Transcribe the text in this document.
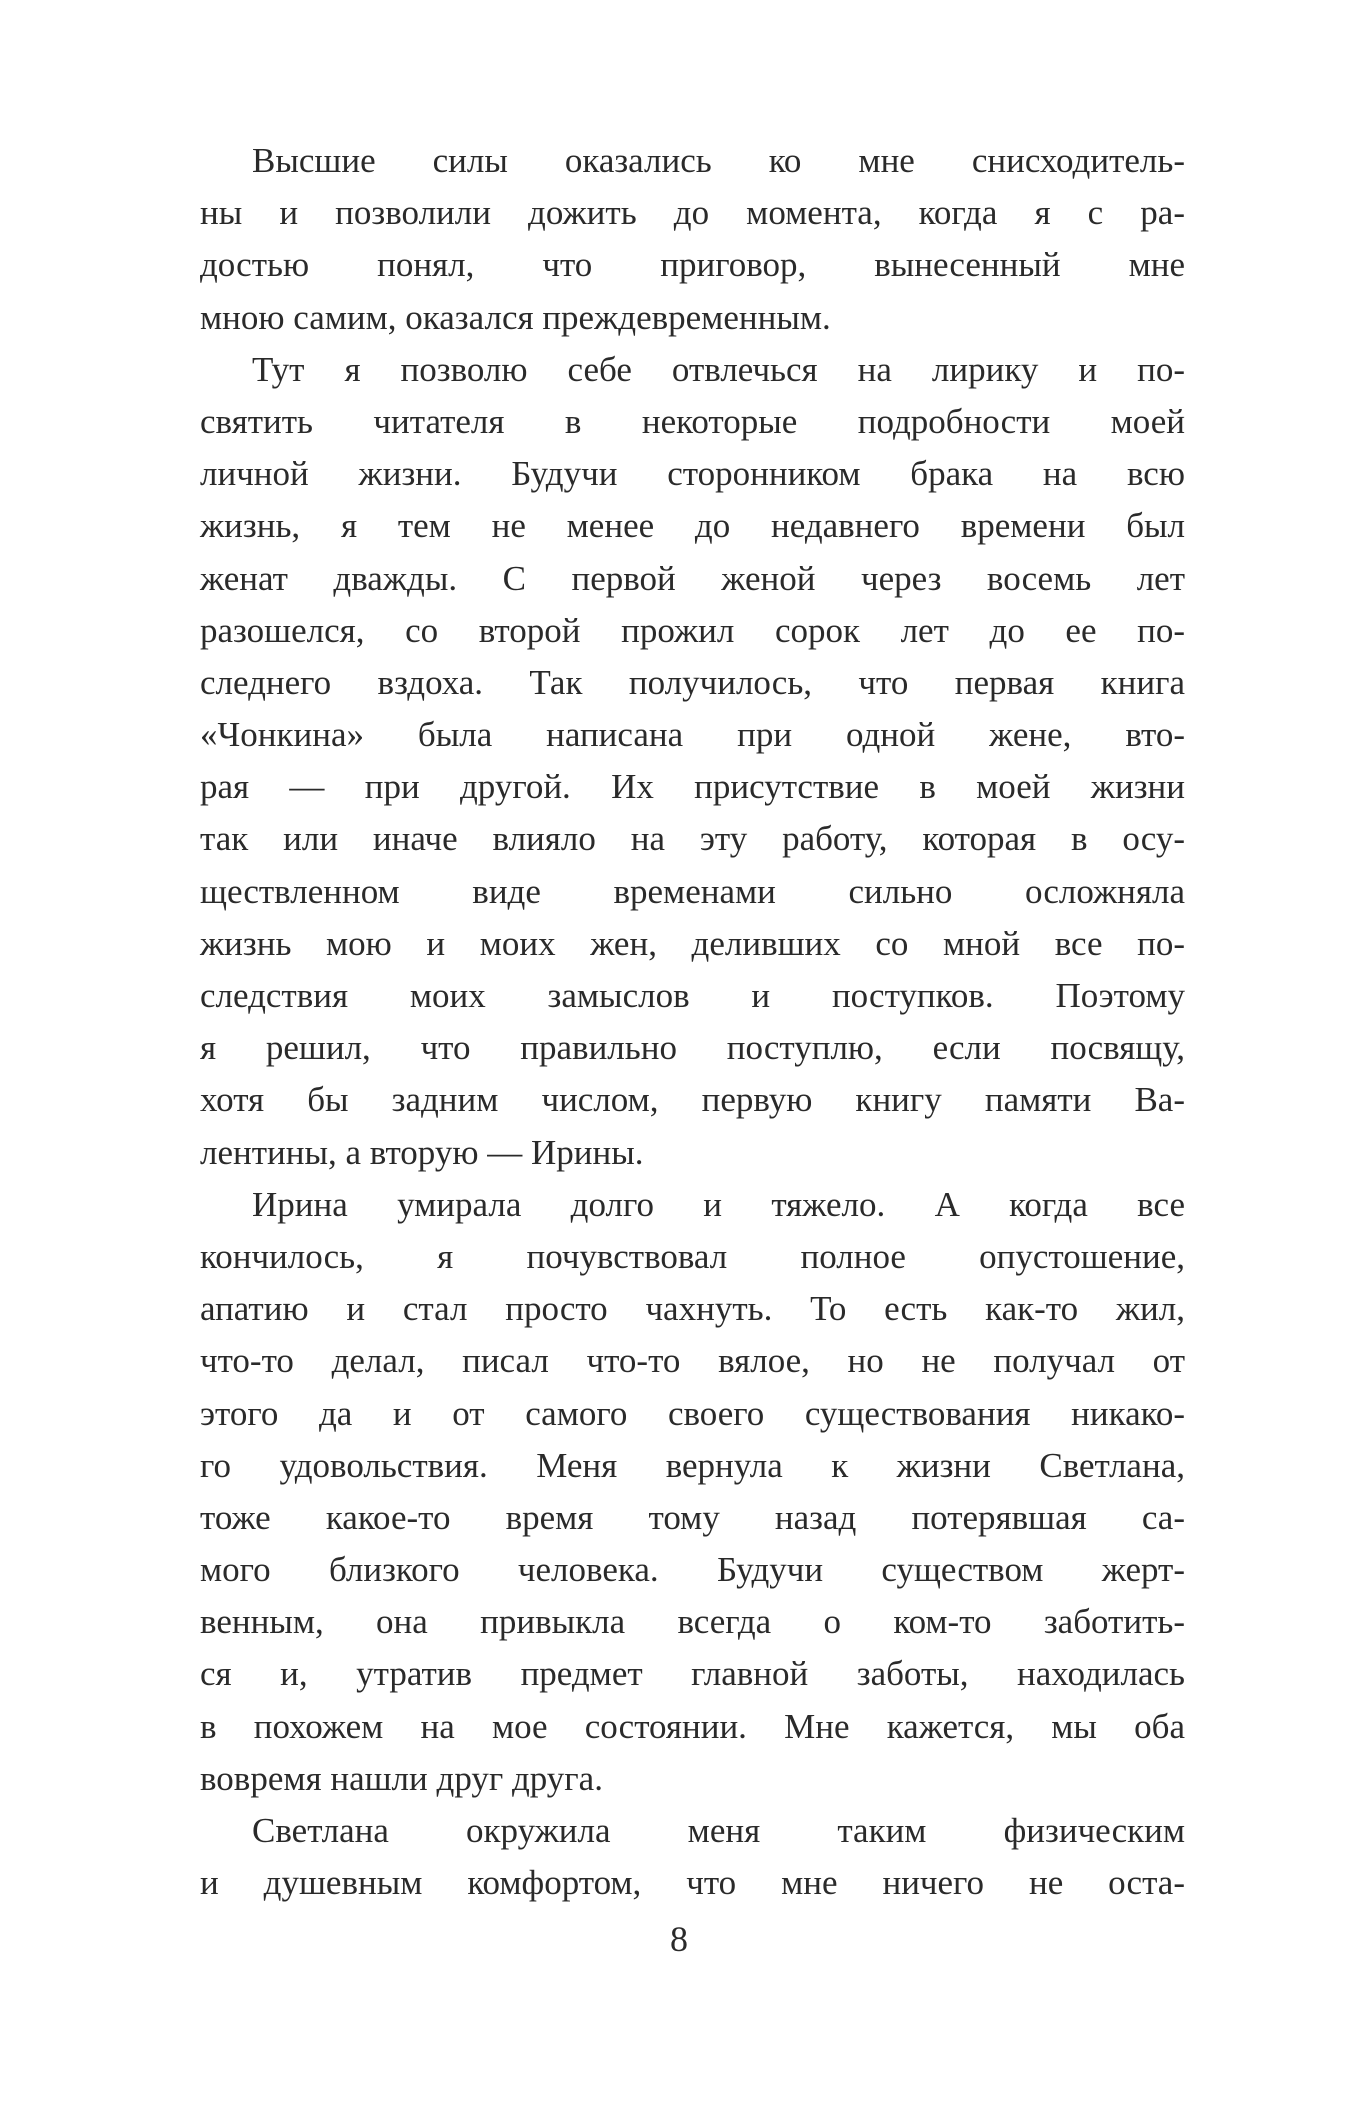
Высшие силы оказались ко мне снисходитель-
ны и позволили дожить до момента, когда я с ра-
достью понял, что приговор, вынесенный мне
мною самим, оказался преждевременным.
Тут я позволю себе отвлечься на лирику и по-
святить читателя в некоторые подробности моей
личной жизни. Будучи сторонником брака на всю
жизнь, я тем не менее до недавнего времени был
женат дважды. С первой женой через восемь лет
разошелся, со второй прожил сорок лет до ее по-
следнего вздоха. Так получилось, что первая книга
«Чонкина» была написана при одной жене, вто-
рая — при другой. Их присутствие в моей жизни
так или иначе влияло на эту работу, которая в осу-
ществленном виде временами сильно осложняла
жизнь мою и моих жен, деливших со мной все по-
следствия моих замыслов и поступков. Поэтому
я решил, что правильно поступлю, если посвящу,
хотя бы задним числом, первую книгу памяти Ва-
лентины, а вторую — Ирины.
Ирина умирала долго и тяжело. А когда все
кончилось, я почувствовал полное опустошение,
апатию и стал просто чахнуть. То есть как-то жил,
что-то делал, писал что-то вялое, но не получал от
этого да и от самого своего существования никако-
го удовольствия. Меня вернула к жизни Светлана,
тоже какое-то время тому назад потерявшая са-
мого близкого человека. Будучи существом жерт-
венным, она привыкла всегда о ком-то заботить-
ся и, утратив предмет главной заботы, находилась
в похожем на мое состоянии. Мне кажется, мы оба
вовремя нашли друг друга.
Светлана окружила меня таким физическим
и душевным комфортом, что мне ничего не оста-
8
